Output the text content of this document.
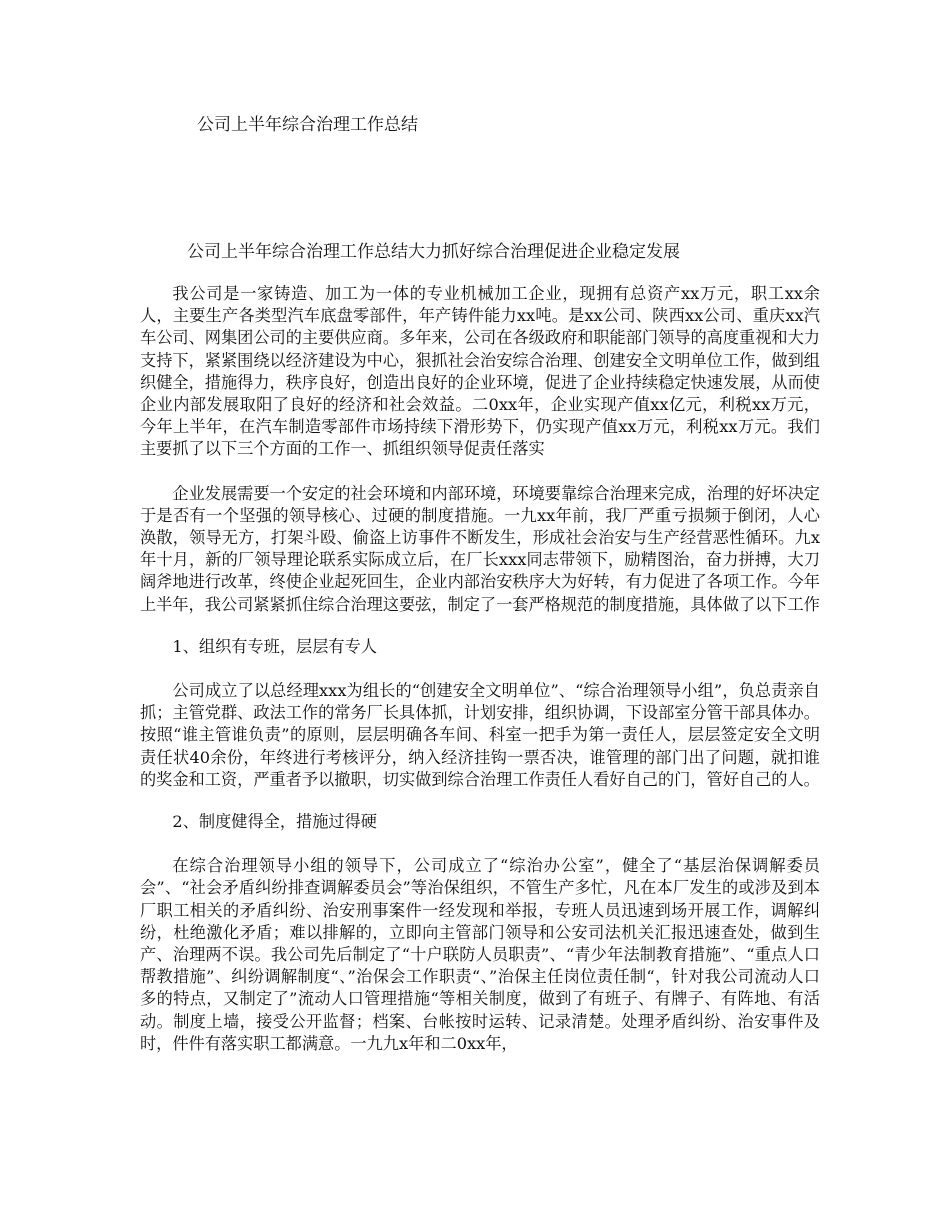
公司上半年综合治理工作总结
公司上半年综合治理工作总结大力抓好综合治理促进企业稳定发展

我公司是一家铸造、加工为一体的专业机械加工企业，现拥有总资产xx万元，职工xx余人，主要生产各类型汽车底盘零部件，年产铸件能力xx吨。是xx公司、陕西xx公司、重庆xx汽车公司、网集团公司的主要供应商。多年来，公司在各级政府和职能部门领导的高度重视和大力支持下，紧紧围绕以经济建设为中心，狠抓社会治安综合治理、创建安全文明单位工作，做到组织健全，措施得力，秩序良好，创造出良好的企业环境，促进了企业持续稳定快速发展，从而使企业内部发展取阳了良好的经济和社会效益。二0xx年，企业实现产值xx亿元，利税xx万元，今年上半年，在汽车制造零部件市场持续下滑形势下，仍实现产值xx万元，利税xx万元。我们主要抓了以下三个方面的工作一、抓组织领导促责任落实

企业发展需要一个安定的社会环境和内部环境，环境要靠综合治理来完成，治理的好坏决定于是否有一个坚强的领导核心、过硬的制度措施。一九xx年前，我厂严重亏损频于倒闭，人心涣散，领导无方，打架斗殴、偷盗上访事件不断发生，形成社会治安与生产经营恶性循环。九x年十月，新的厂领导理论联系实际成立后，在厂长xxx同志带领下，励精图治，奋力拼搏，大刀阔斧地进行改革，终使企业起死回生，企业内部治安秩序大为好转，有力促进了各项工作。今年上半年，我公司紧紧抓住综合治理这要弦，制定了一套严格规范的制度措施，具体做了以下工作

1、组织有专班，层层有专人

公司成立了以总经理xxx为组长的“创建安全文明单位”、“综合治理领导小组”，负总责亲自抓；主管党群、政法工作的常务厂长具体抓，计划安排，组织协调，下设部室分管干部具体办。按照“谁主管谁负责”的原则，层层明确各车间、科室一把手为第一责任人，层层签定安全文明责任状40余份，年终进行考核评分，纳入经济挂钩一票否决，谁管理的部门出了问题，就扣谁的奖金和工资，严重者予以撤职，切实做到综合治理工作责任人看好自己的门，管好自己的人。

2、制度健得全，措施过得硬

在综合治理领导小组的领导下，公司成立了“综治办公室”，健全了“基层治保调解委员会”、“社会矛盾纠纷排查调解委员会”等治保组织，不管生产多忙，凡在本厂发生的或涉及到本厂职工相关的矛盾纠纷、治安刑事案件一经发现和举报，专班人员迅速到场开展工作，调解纠纷，杜绝激化矛盾；难以排解的，立即向主管部门领导和公安司法机关汇报迅速查处，做到生产、治理两不误。我公司先后制定了“十户联防人员职责”、“青少年法制教育措施”、“重点人口帮教措施”、纠纷调解制度“、”治保会工作职责“、”治保主任岗位责任制“，针对我公司流动人口多的特点，又制定了”流动人口管理措施“等相关制度，做到了有班子、有牌子、有阵地、有活动。制度上墙，接受公开监督；档案、台帐按时运转、记录清楚。处理矛盾纠纷、治安事件及时，件件有落实职工都满意。一九九x年和二0xx年，
